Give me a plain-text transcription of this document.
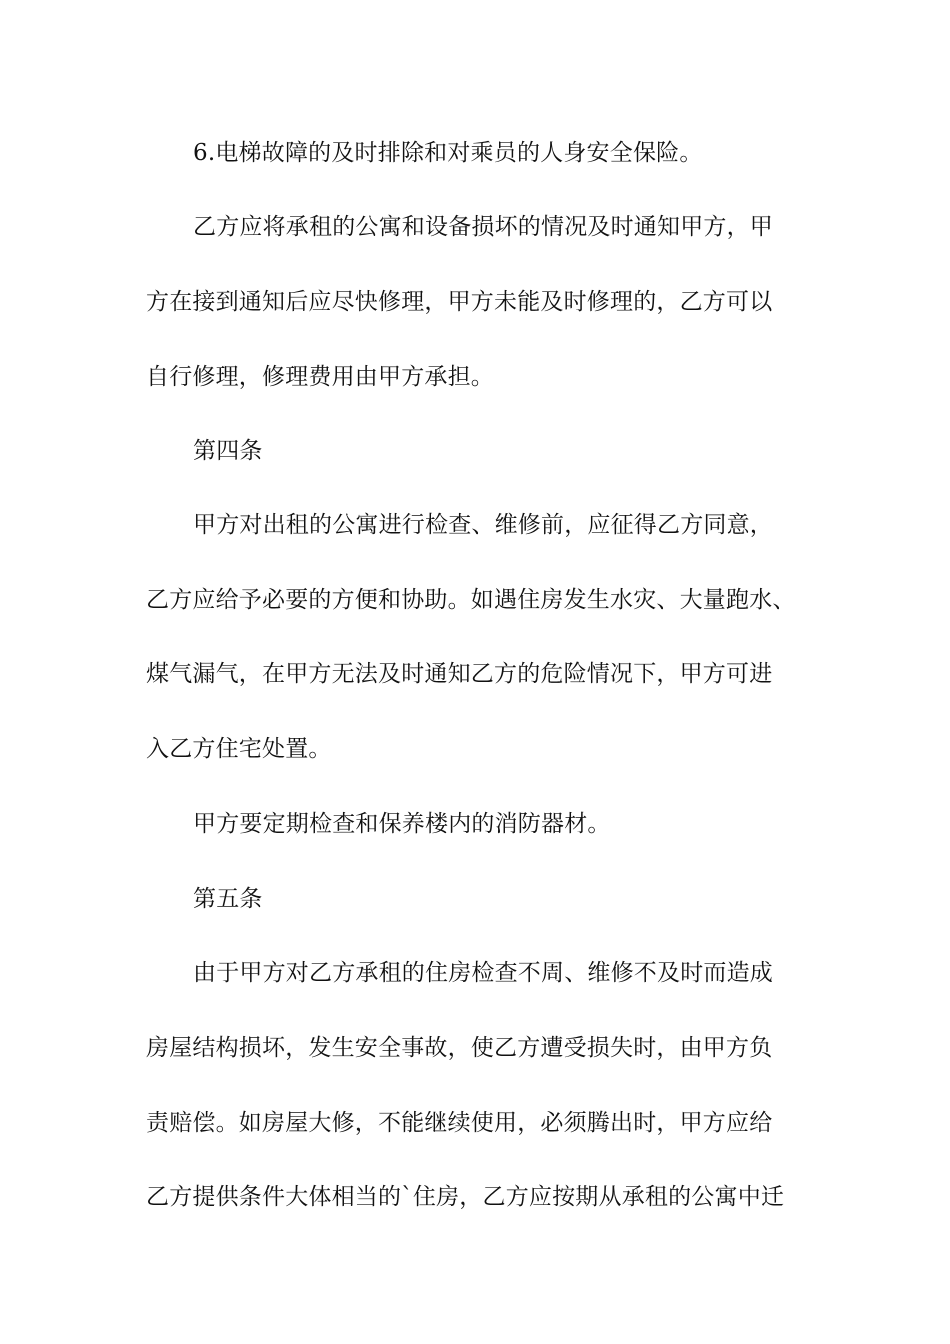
6.电梯故障的及时排除和对乘员的人身安全保险。
乙方应将承租的公寓和设备损坏的情况及时通知甲方，甲
方在接到通知后应尽快修理，甲方未能及时修理的，乙方可以
自行修理，修理费用由甲方承担。
第四条
甲方对出租的公寓进行检查、维修前，应征得乙方同意，
乙方应给予必要的方便和协助。如遇住房发生水灾、大量跑水、
煤气漏气，在甲方无法及时通知乙方的危险情况下，甲方可进
入乙方住宅处置。
甲方要定期检查和保养楼内的消防器材。
第五条
由于甲方对乙方承租的住房检查不周、维修不及时而造成
房屋结构损坏，发生安全事故，使乙方遭受损失时，由甲方负
责赔偿。如房屋大修，不能继续使用，必须腾出时，甲方应给
乙方提供条件大体相当的`住房，乙方应按期从承租的公寓中迁
